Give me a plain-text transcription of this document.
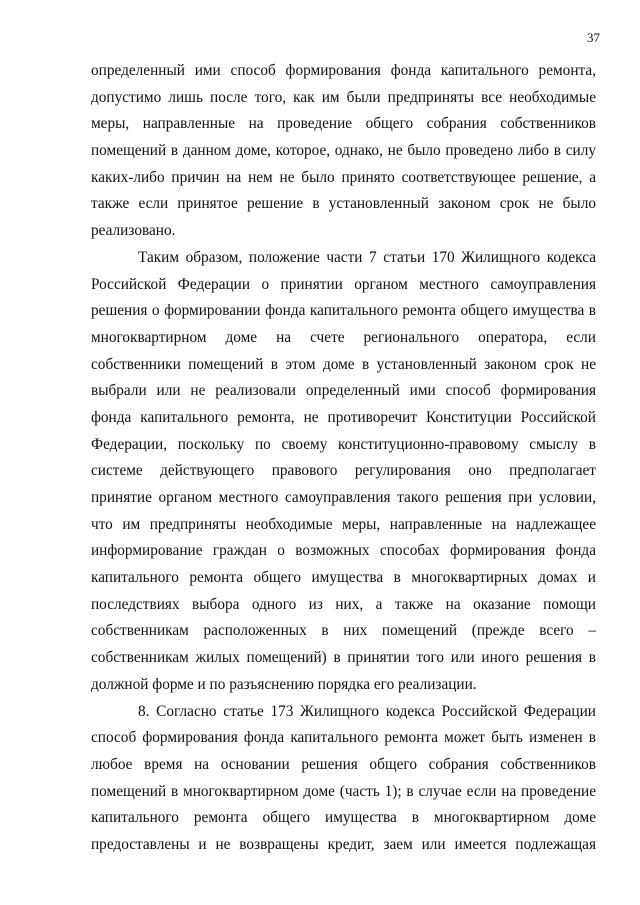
37

определенный ими способ формирования фонда капитального ремонта,
допустимо лишь после того, как им были предприняты все необходимые
меры, направленные на проведение общего собрания собственников
помещений в данном доме, которое, однако, не было проведено либо в силу
каких-либо причин на нем не было принято соответствующее решение, а
также если принятое решение в установленный законом срок не было
реализовано.

Таким образом, положение части 7 статьи 170 Жилищного кодекса
Российской Федерации о принятии органом местного самоуправления
решения о формировании фонда капитального ремонта общего имущества в
многоквартирном доме на счете регионального оператора, если
собственники помещений в этом доме в установленный законом срок не
выбрали или не реализовали определенный ими способ формирования
фонда капитального ремонта, не противоречит Конституции Российской
Федерации, поскольку по своему конституционно-правовому смыслу в
системе действующего правового регулирования оно предполагает
принятие органом местного самоуправления такого решения при условии,
что им предприняты необходимые меры, направленные на надлежащее
информирование граждан о возможных способах формирования фонда
капитального ремонта общего имущества в многоквартирных домах и
последствиях выбора одного из них, а также на оказание помощи
собственникам расположенных в них помещений (прежде всего –
собственникам жилых помещений) в принятии того или иного решения в
должной форме и по разъяснению порядка его реализации.

8. Согласно статье 173 Жилищного кодекса Российской Федерации
способ формирования фонда капитального ремонта может быть изменен в
любое время на основании решения общего собрания собственников
помещений в многоквартирном доме (часть 1); в случае если на проведение
капитального ремонта общего имущества в многоквартирном доме
предоставлены и не возвращены кредит, заем или имеется подлежащая
